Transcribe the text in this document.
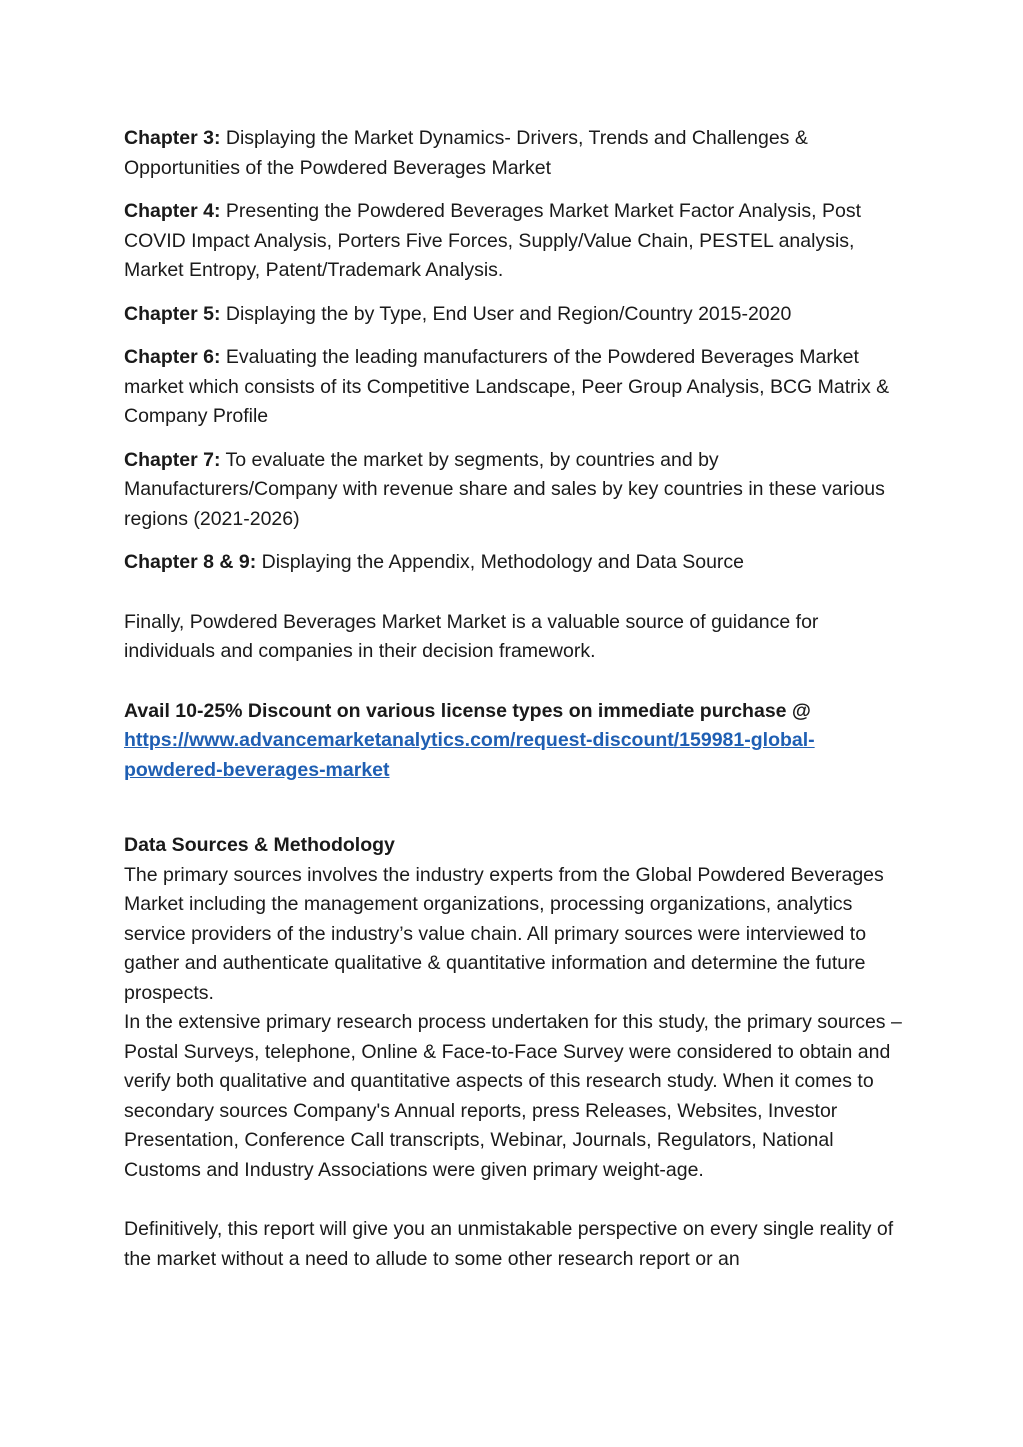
Chapter 3: Displaying the Market Dynamics- Drivers, Trends and Challenges & Opportunities of the Powdered Beverages Market

Chapter 4: Presenting the Powdered Beverages Market Market Factor Analysis, Post COVID Impact Analysis, Porters Five Forces, Supply/Value Chain, PESTEL analysis, Market Entropy, Patent/Trademark Analysis.

Chapter 5: Displaying the by Type, End User and Region/Country 2015-2020

Chapter 6: Evaluating the leading manufacturers of the Powdered Beverages Market market which consists of its Competitive Landscape, Peer Group Analysis, BCG Matrix & Company Profile

Chapter 7: To evaluate the market by segments, by countries and by Manufacturers/Company with revenue share and sales by key countries in these various regions (2021-2026)

Chapter 8 & 9: Displaying the Appendix, Methodology and Data Source

Finally, Powdered Beverages Market Market is a valuable source of guidance for individuals and companies in their decision framework.

Avail 10-25% Discount on various license types on immediate purchase @
https://www.advancemarketanalytics.com/request-discount/159981-global-powdered-beverages-market

Data Sources & Methodology

The primary sources involves the industry experts from the Global Powdered Beverages Market including the management organizations, processing organizations, analytics service providers of the industry’s value chain. All primary sources were interviewed to gather and authenticate qualitative & quantitative information and determine the future prospects.

In the extensive primary research process undertaken for this study, the primary sources – Postal Surveys, telephone, Online & Face-to-Face Survey were considered to obtain and verify both qualitative and quantitative aspects of this research study. When it comes to secondary sources Company's Annual reports, press Releases, Websites, Investor Presentation, Conference Call transcripts, Webinar, Journals, Regulators, National Customs and Industry Associations were given primary weight-age.

Definitively, this report will give you an unmistakable perspective on every single reality of the market without a need to allude to some other research report or an
